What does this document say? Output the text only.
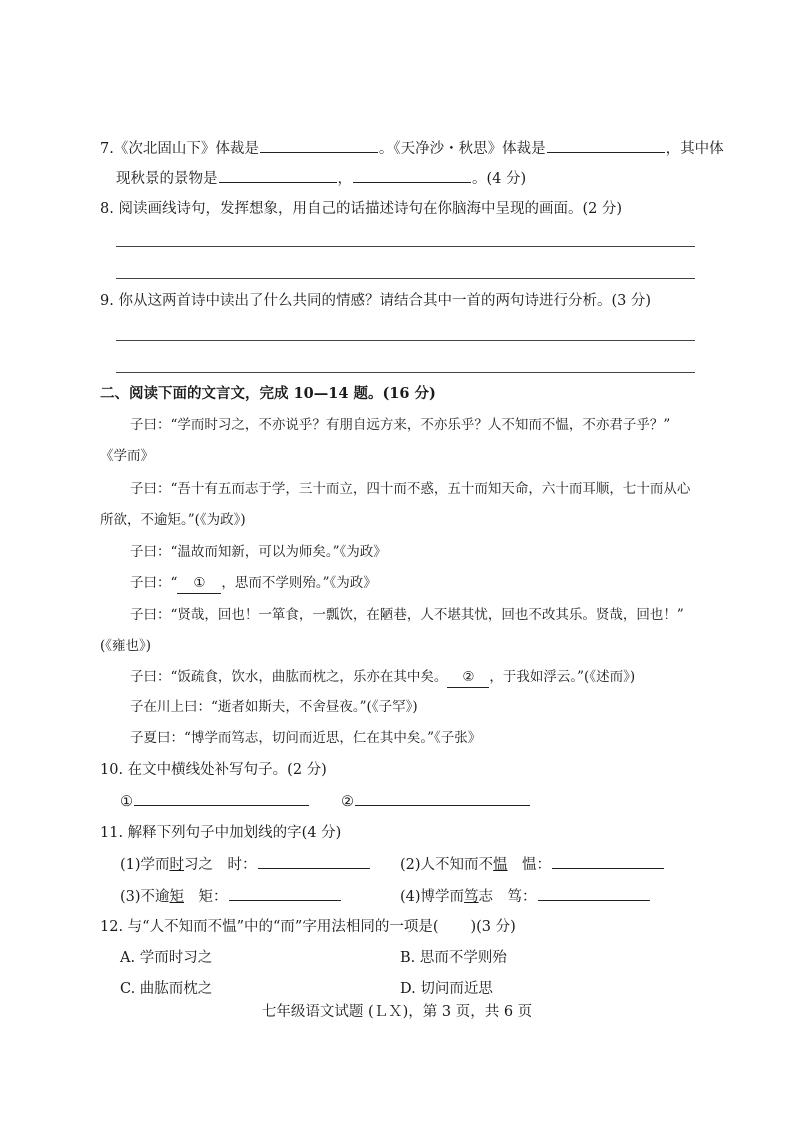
7.《次北固山下》体裁是	。《天净沙・秋思》体裁是	，其中体
现秋景的景物是	，	。(4 分)
8. 阅读画线诗句，发挥想象，用自己的话描述诗句在你脑海中呈现的画面。(2 分)
9. 你从这两首诗中读出了什么共同的情感？请结合其中一首的两句诗进行分析。(3 分)
二、阅读下面的文言文，完成 10—14 题。(16 分)
子曰：“学而时习之，不亦说乎？有朋自远方来，不亦乐乎？人不知而不愠，不亦君子乎？”
《学而》
子曰：“吾十有五而志于学，三十而立，四十而不惑，五十而知天命，六十而耳顺，七十而从心
所欲，不逾矩。”(《为政》)
子曰：“温故而知新，可以为师矣。”《为政》
子曰：“ ① ，思而不学则殆。”《为政》
子曰：“贤哉，回也！一箪食，一瓢饮，在陋巷，人不堪其忧，回也不改其乐。贤哉，回也！”
(《雍也》)
子曰：“饭疏食，饮水，曲肱而枕之，乐亦在其中矣。 ② ，于我如浮云。”(《述而》)
子在川上曰：“逝者如斯夫，不舍昼夜。”(《子罕》)
子夏曰：“博学而笃志，切问而近思，仁在其中矣。”《子张》
10. 在文中横线处补写句子。(2 分)
①	②
11. 解释下列句子中加划线的字(4 分)
(1)学而时习之　时：	(2)人不知而不愠　愠：
(3)不逾矩　矩：	(4)博学而笃志　笃：
12. 与“人不知而不愠”中的“而”字用法相同的一项是( )(3 分)
A. 学而时习之	B. 思而不学则殆
C. 曲肱而枕之	D. 切问而近思
七年级语文试题 (ＬＸ)，第 3 页，共 6 页
